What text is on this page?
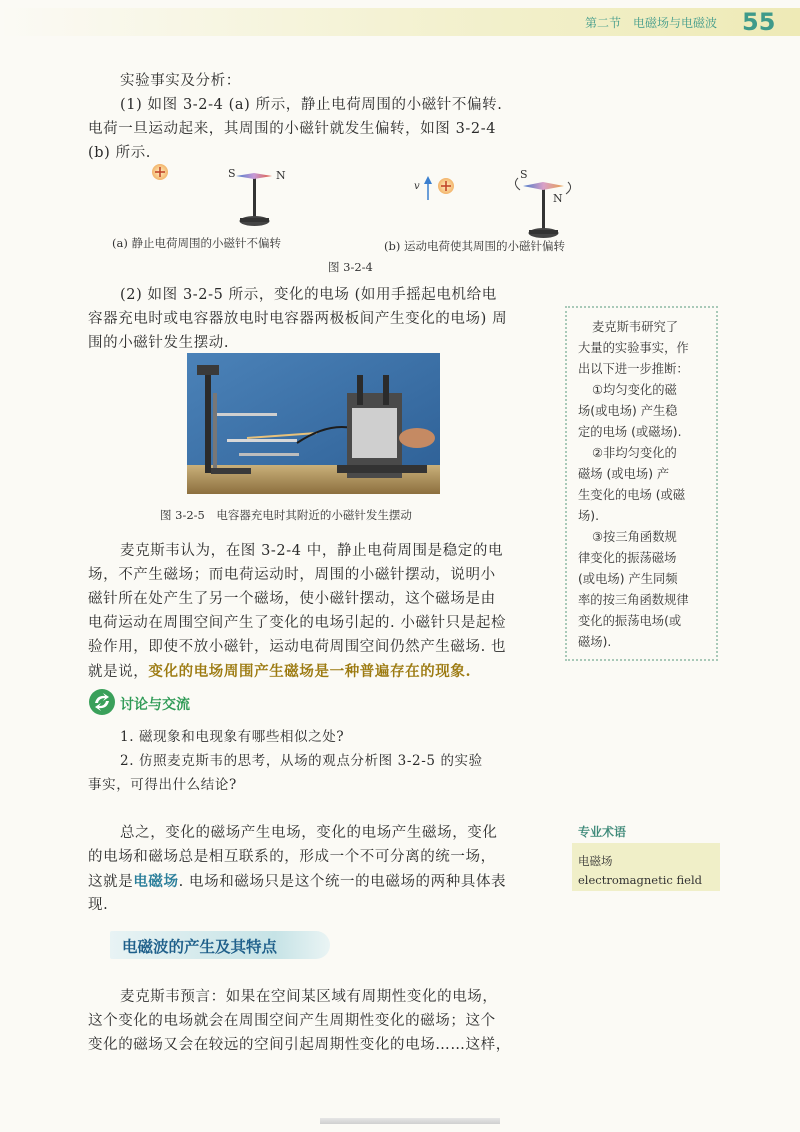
第二节　电磁场与电磁波 55
实验事实及分析：
(1) 如图 3-2-4 (a) 所示，静止电荷周围的小磁针不偏转.
电荷一旦运动起来，其周围的小磁针就发生偏转，如图 3-2-4
(b) 所示.
S	N
v
S
N
(a) 静止电荷周围的小磁针不偏转	(b) 运动电荷使其周围的小磁针偏转
图 3-2-4
(2) 如图 3-2-5 所示，变化的电场 (如用手摇起电机给电
容器充电时或电容器放电时电容器两极板间产生变化的电场) 周
围的小磁针发生摆动.
图 3-2-5　电容器充电时其附近的小磁针发生摆动
麦克斯韦认为，在图 3-2-4 中，静止电荷周围是稳定的电
场，不产生磁场；而电荷运动时，周围的小磁针摆动，说明小
磁针所在处产生了另一个磁场，使小磁针摆动，这个磁场是由
电荷运动在周围空间产生了变化的电场引起的. 小磁针只是起检
验作用，即使不放小磁针，运动电荷周围空间仍然产生磁场. 也
就是说，变化的电场周围产生磁场是一种普遍存在的现象.
麦克斯韦研究了
大量的实验事实，作
出以下进一步推断：
①均匀变化的磁
场(或电场) 产生稳
定的电场 (或磁场).
②非均匀变化的
磁场 (或电场) 产
生变化的电场 (或磁
场).
③按三角函数规
律变化的振荡磁场
(或电场) 产生同频
率的按三角函数规律
变化的振荡电场(或
磁场).
讨论与交流
1. 磁现象和电现象有哪些相似之处?
2. 仿照麦克斯韦的思考，从场的观点分析图 3-2-5 的实验
事实，可得出什么结论?
总之，变化的磁场产生电场，变化的电场产生磁场，变化
的电场和磁场总是相互联系的，形成一个不可分离的统一场，
这就是电磁场. 电场和磁场只是这个统一的电磁场的两种具体表
现.
专业术语
电磁场
electromagnetic field
电磁波的产生及其特点
麦克斯韦预言：如果在空间某区域有周期性变化的电场，
这个变化的电场就会在周围空间产生周期性变化的磁场；这个
变化的磁场又会在较远的空间引起周期性变化的电场……这样，
